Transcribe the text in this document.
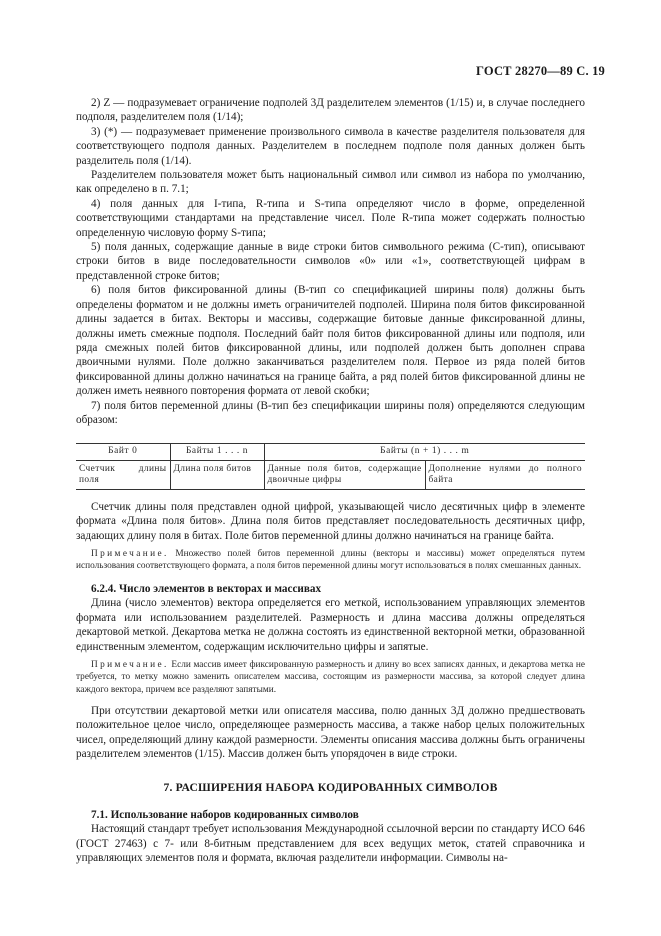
ГОСТ 28270—89 С. 19

2) Z — подразумевает ограничение подполей 3Д разделителем элементов (1/15) и, в случае последнего подполя, разделителем поля (1/14);

3) (*) — подразумевает применение произвольного символа в качестве разделителя пользователя для соответствующего подполя данных. Разделителем в последнем подполе поля данных должен быть разделитель поля (1/14).

Разделителем пользователя может быть национальный символ или символ из набора по умолчанию, как определено в п. 7.1;

4) поля данных для I-типа, R-типа и S-типа определяют число в форме, определенной соответствующими стандартами на представление чисел. Поле R-типа может содержать полностью определенную числовую форму S-типа;

5) поля данных, содержащие данные в виде строки битов символьного режима (С-тип), описывают строки битов в виде последовательности символов «0» или «1», соответствующей цифрам в представленной строке битов;

6) поля битов фиксированной длины (В-тип со спецификацией ширины поля) должны быть определены форматом и не должны иметь ограничителей подполей. Ширина поля битов фиксированной длины задается в битах. Векторы и массивы, содержащие битовые данные фиксированной длины, должны иметь смежные подполя. Последний байт поля битов фиксированной длины или подполя, или ряда смежных полей битов фиксированной длины, или подполей должен быть дополнен справа двоичными нулями. Поле должно заканчиваться разделителем поля. Первое из ряда полей битов фиксированной длины должно начинаться на границе байта, а ряд полей битов фиксированной длины не должен иметь неявного повторения формата от левой скобки;

7) поля битов переменной длины (В-тип без спецификации ширины поля) определяются следующим образом:

Байт 0	Байты 1 . . . n	Байты (n + 1) . . . m	
Счетчик длины поля	Длина поля битов	Данные поля битов, содержащие двоичные цифры	Дополнение нулями до полного байта

Счетчик длины поля представлен одной цифрой, указывающей число десятичных цифр в элементе формата «Длина поля битов». Длина поля битов представляет последовательность десятичных цифр, задающих длину поля в битах. Поле битов переменной длины должно начинаться на границе байта.

Примечание. Множество полей битов переменной длины (векторы и массивы) может определяться путем использования соответствующего формата, а поля битов переменной длины могут использоваться в полях смешанных данных.

6.2.4. Число элементов в векторах и массивах

Длина (число элементов) вектора определяется его меткой, использованием управляющих элементов формата или использованием разделителей. Размерность и длина массива должны определяться декартовой меткой. Декартова метка не должна состоять из единственной векторной метки, образованной единственным элементом, содержащим исключительно цифры и запятые.

Примечание. Если массив имеет фиксированную размерность и длину во всех записях данных, и декартова метка не требуется, то метку можно заменить описателем массива, состоящим из размерности массива, за которой следует длина каждого вектора, причем все разделяют запятыми.

При отсутствии декартовой метки или описателя массива, полю данных 3Д должно предшествовать положительное целое число, определяющее размерность массива, а также набор целых положительных чисел, определяющий длину каждой размерности. Элементы описания массива должны быть ограничены разделителем элементов (1/15). Массив должен быть упорядочен в виде строки.

7. РАСШИРЕНИЯ НАБОРА КОДИРОВАННЫХ СИМВОЛОВ
7.1. Использование наборов кодированных символов

Настоящий стандарт требует использования Международной ссылочной версии по стандарту ИСО 646 (ГОСТ 27463) с 7- или 8-битным представлением для всех ведущих меток, статей справочника и управляющих элементов поля и формата, включая разделители информации. Символы на-
